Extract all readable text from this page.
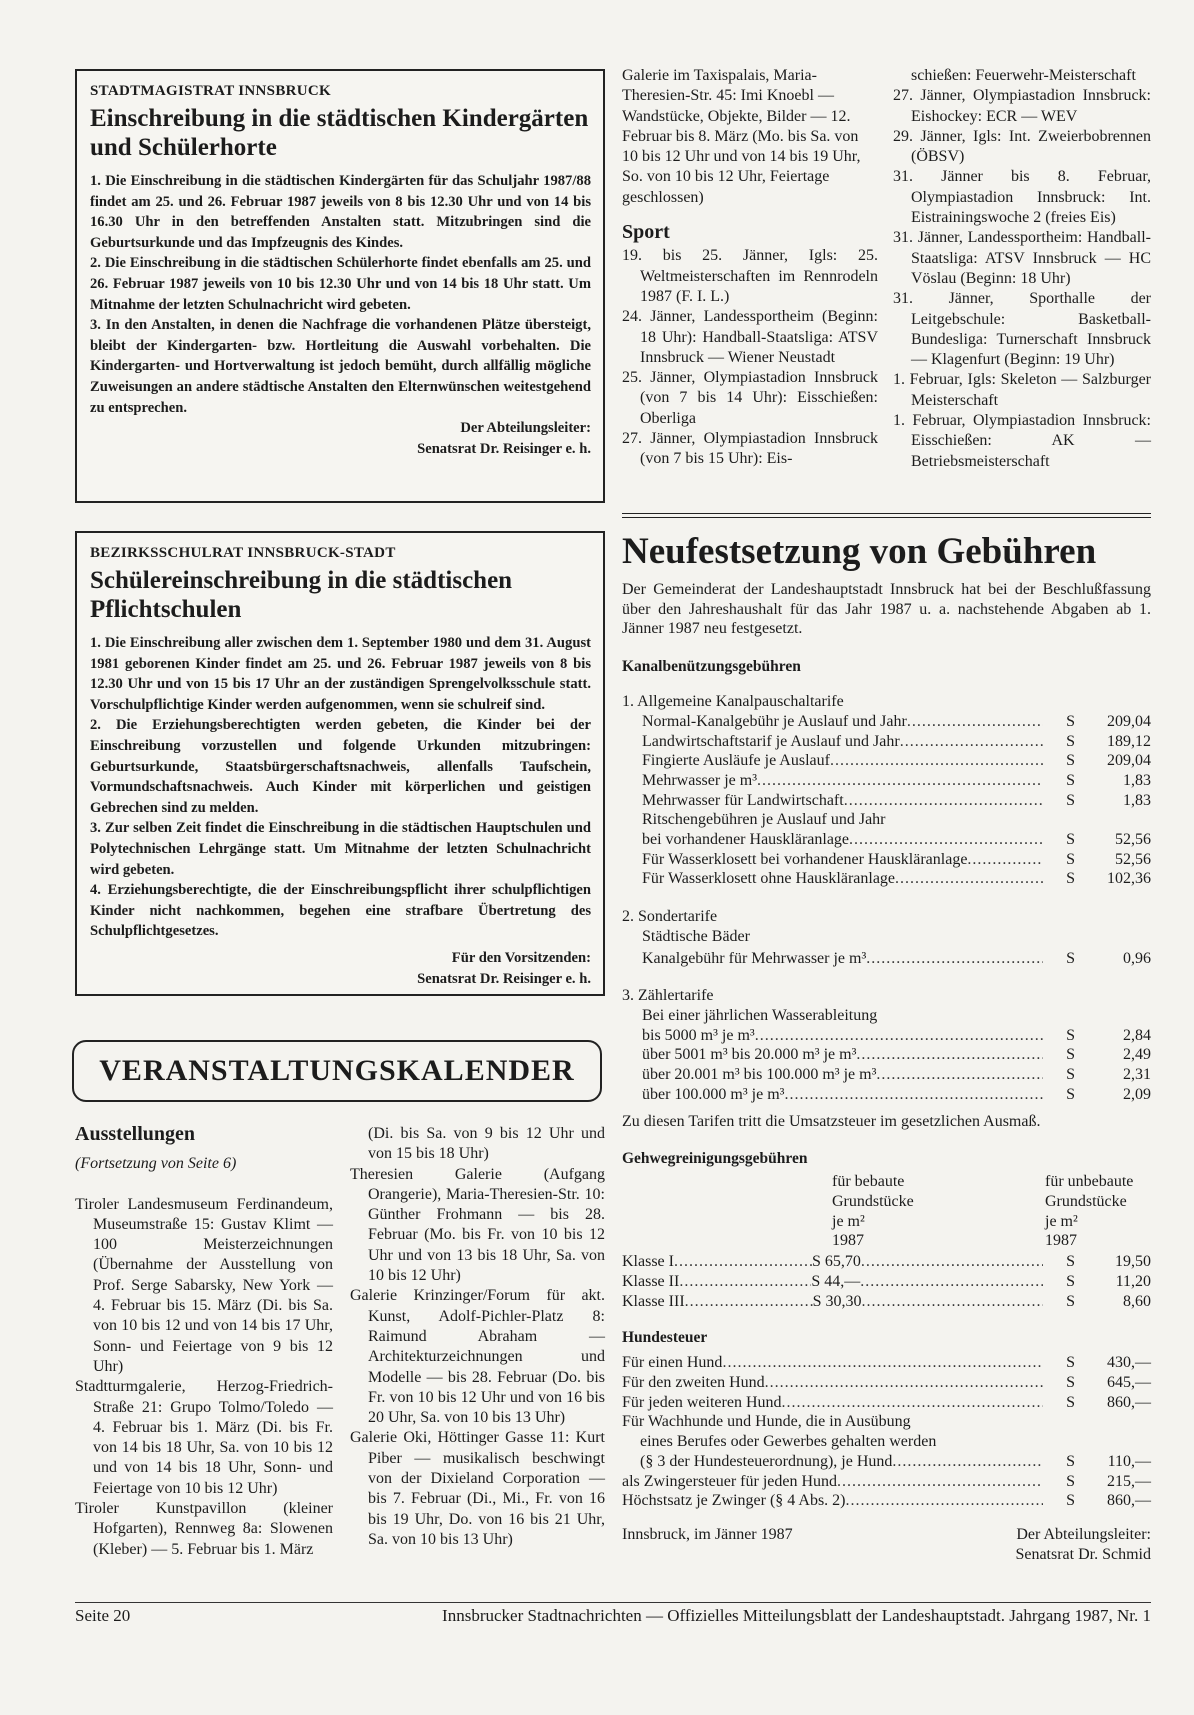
STADTMAGISTRAT INNSBRUCK
Einschreibung in die städtischen Kindergärten und Schülerhorte

1. Die Einschreibung in die städtischen Kindergärten für das Schuljahr 1987/88 findet am 25. und 26. Februar 1987 jeweils von 8 bis 12.30 Uhr und von 14 bis 16.30 Uhr in den betreffenden Anstalten statt. Mitzubringen sind die Geburtsurkunde und das Impfzeugnis des Kindes.

2. Die Einschreibung in die städtischen Schülerhorte findet ebenfalls am 25. und 26. Februar 1987 jeweils von 10 bis 12.30 Uhr und von 14 bis 18 Uhr statt. Um Mitnahme der letzten Schulnachricht wird gebeten.

3. In den Anstalten, in denen die Nachfrage die vorhandenen Plätze übersteigt, bleibt der Kindergarten- bzw. Hortleitung die Auswahl vorbehalten. Die Kindergarten- und Hortverwaltung ist jedoch bemüht, durch allfällig mögliche Zuweisungen an andere städtische Anstalten den Elternwünschen weitestgehend zu entsprechen.

Der Abteilungsleiter:
Senatsrat Dr. Reisinger e. h.
BEZIRKSSCHULRAT INNSBRUCK-STADT
Schülereinschreibung in die städtischen Pflichtschulen

1. Die Einschreibung aller zwischen dem 1. September 1980 und dem 31. August 1981 geborenen Kinder findet am 25. und 26. Februar 1987 jeweils von 8 bis 12.30 Uhr und von 15 bis 17 Uhr an der zuständigen Sprengelvolksschule statt. Vorschulpflichtige Kinder werden aufgenommen, wenn sie schulreif sind.

2. Die Erziehungsberechtigten werden gebeten, die Kinder bei der Einschreibung vorzustellen und folgende Urkunden mitzubringen: Geburtsurkunde, Staatsbürgerschaftsnachweis, allenfalls Taufschein, Vormundschaftsnachweis. Auch Kinder mit körperlichen und geistigen Gebrechen sind zu melden.

3. Zur selben Zeit findet die Einschreibung in die städtischen Hauptschulen und Polytechnischen Lehrgänge statt. Um Mitnahme der letzten Schulnachricht wird gebeten.

4. Erziehungsberechtigte, die der Einschreibungspflicht ihrer schulpflichtigen Kinder nicht nachkommen, begehen eine strafbare Übertretung des Schulpflichtgesetzes.

Für den Vorsitzenden:
Senatsrat Dr. Reisinger e. h.
VERANSTALTUNGSKALENDER

Ausstellungen

(Fortsetzung von Seite 6)

Tiroler Landesmuseum Ferdinandeum, Museumstraße 15: Gustav Klimt — 100 Meisterzeichnungen (Übernahme der Ausstellung von Prof. Serge Sabarsky, New York — 4. Februar bis 15. März (Di. bis Sa. von 10 bis 12 und von 14 bis 17 Uhr, Sonn- und Feiertage von 9 bis 12 Uhr)

Stadtturmgalerie, Herzog-Friedrich-Straße 21: Grupo Tolmo/Toledo — 4. Februar bis 1. März (Di. bis Fr. von 14 bis 18 Uhr, Sa. von 10 bis 12 und von 14 bis 18 Uhr, Sonn- und Feiertage von 10 bis 12 Uhr)

Tiroler Kunstpavillon (kleiner Hofgarten), Rennweg 8a: Slowenen (Kleber) — 5. Februar bis 1. März

(Di. bis Sa. von 9 bis 12 Uhr und von 15 bis 18 Uhr)

Theresien Galerie (Aufgang Orangerie), Maria-Theresien-Str. 10: Günther Frohmann — bis 28. Februar (Mo. bis Fr. von 10 bis 12 Uhr und von 13 bis 18 Uhr, Sa. von 10 bis 12 Uhr)

Galerie Krinzinger/Forum für akt. Kunst, Adolf-Pichler-Platz 8: Raimund Abraham — Architekturzeichnungen und Modelle — bis 28. Februar (Do. bis Fr. von 10 bis 12 Uhr und von 16 bis 20 Uhr, Sa. von 10 bis 13 Uhr)

Galerie Oki, Höttinger Gasse 11: Kurt Piber — musikalisch beschwingt von der Dixieland Corporation — bis 7. Februar (Di., Mi., Fr. von 16 bis 19 Uhr, Do. von 16 bis 21 Uhr, Sa. von 10 bis 13 Uhr)

Galerie im Taxispalais, Maria-Theresien-Str. 45: Imi Knoebl — Wandstücke, Objekte, Bilder — 12. Februar bis 8. März (Mo. bis Sa. von 10 bis 12 Uhr und von 14 bis 19 Uhr, So. von 10 bis 12 Uhr, Feiertage geschlossen)

Sport

19. bis 25. Jänner, Igls: 25. Weltmeisterschaften im Rennrodeln 1987 (F. I. L.)

24. Jänner, Landessportheim (Beginn: 18 Uhr): Handball-Staatsliga: ATSV Innsbruck — Wiener Neustadt

25. Jänner, Olympiastadion Innsbruck (von 7 bis 14 Uhr): Eisschießen: Oberliga

27. Jänner, Olympiastadion Innsbruck (von 7 bis 15 Uhr): Eis-

schießen: Feuerwehr-Meisterschaft

27. Jänner, Olympiastadion Innsbruck: Eishockey: ECR — WEV

29. Jänner, Igls: Int. Zweierbobrennen (ÖBSV)

31. Jänner bis 8. Februar, Olympiastadion Innsbruck: Int. Eistrainingswoche 2 (freies Eis)

31. Jänner, Landessportheim: Handball-Staatsliga: ATSV Innsbruck — HC Vöslau (Beginn: 18 Uhr)

31. Jänner, Sporthalle der Leitgebschule: Basketball-Bundesliga: Turnerschaft Innsbruck — Klagenfurt (Beginn: 19 Uhr)

1. Februar, Igls: Skeleton — Salzburger Meisterschaft

1. Februar, Olympiastadion Innsbruck: Eisschießen: AK — Betriebsmeisterschaft

Neufestsetzung von Gebühren

Der Gemeinderat der Landeshauptstadt Innsbruck hat bei der Beschlußfassung über den Jahreshaushalt für das Jahr 1987 u. a. nachstehende Abgaben ab 1. Jänner 1987 neu festgesetzt.

Kanalbenützungsgebühren

1. Allgemeine Kanalpauschaltarife
Normal-Kanalgebühr je Auslauf und Jahr .....	S	209,04
Landwirtschaftstarif je Auslauf und Jahr .....	S	189,12
Fingierte Ausläufe je Auslauf .....	S	209,04
Mehrwasser je m³ .....	S	1,83
Mehrwasser für Landwirtschaft .....	S	1,83
Ritschengebühren je Auslauf und Jahr
bei vorhandener Hauskläranlage .....	S	52,56
Für Wasserklosett bei vorhandener Hauskläranlage .....	S	52,56
Für Wasserklosett ohne Hauskläranlage .....	S	102,36
2. Sondertarife
Städtische Bäder
Kanalgebühr für Mehrwasser je m³ .....	S	0,96
3. Zählertarife
Bei einer jährlichen Wasserableitung
bis 5000 m³ je m³ .....	S	2,84
über 5001 m³ bis 20.000 m³ je m³ .....	S	2,49
über 20.001 m³ bis 100.000 m³ je m³ .....	S	2,31
über 100.000 m³ je m³ .....	S	2,09
Zu diesen Tarifen tritt die Umsatzsteuer im gesetzlichen Ausmaß.

Gehwegreinigungsgebühren

für bebaute
Grundstücke
je m²
1987
für unbebaute
Grundstücke
je m²
1987
Klasse I .....	S 65,70 .....	S	19,50
Klasse II .....	S 44,— .....	S	11,20
Klasse III .....	S 30,30 .....	S	8,60

Hundesteuer

Für einen Hund .....	S	430,—
Für den zweiten Hund .....	S	645,—
Für jeden weiteren Hund .....	S	860,—
Für Wachhunde und Hunde, die in Ausübung
eines Berufes oder Gewerbes gehalten werden
(§ 3 der Hundesteuerordnung), je Hund .....	S	110,—
als Zwingersteuer für jeden Hund .....	S	215,—
Höchstsatz je Zwinger (§ 4 Abs. 2) .....	S	860,—
Innsbruck, im Jänner 1987	Der Abteilungsleiter:
Senatsrat Dr. Schmid
Seite 20	Innsbrucker Stadtnachrichten — Offizielles Mitteilungsblatt der Landeshauptstadt. Jahrgang 1987, Nr. 1
